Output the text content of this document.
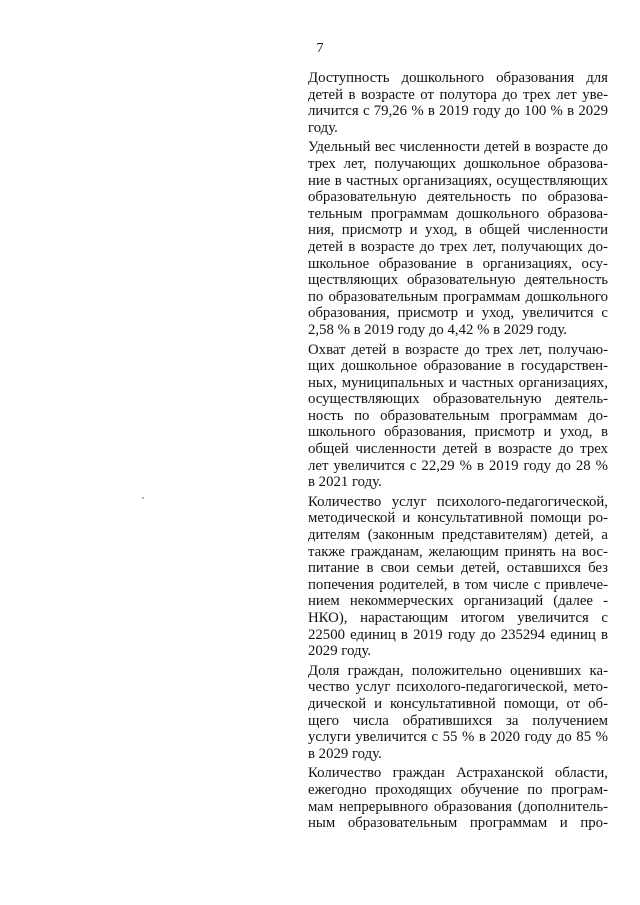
7

Доступность дошкольного образования для
детей в возрасте от полутора до трех лет уве-
личится с 79,26 % в 2019 году до 100 % в 2029
году.

Удельный вес численности детей в возрасте до
трех лет, получающих дошкольное образова-
ние в частных организациях, осуществляющих
образовательную деятельность по образова-
тельным программам дошкольного образова-
ния, присмотр и уход, в общей численности
детей в возрасте до трех лет, получающих до-
школьное образование в организациях, осу-
ществляющих образовательную деятельность
по образовательным программам дошкольного
образования, присмотр и уход, увеличится с
2,58 % в 2019 году до 4,42 % в 2029 году.

Охват детей в возрасте до трех лет, получаю-
щих дошкольное образование в государствен-
ных, муниципальных и частных организациях,
осуществляющих образовательную деятель-
ность по образовательным программам до-
школьного образования, присмотр и уход, в
общей численности детей в возрасте до трех
лет увеличится с 22,29 % в 2019 году до 28 %
в 2021 году.

Количество услуг психолого-педагогической,
методической и консультативной помощи ро-
дителям (законным представителям) детей, а
также гражданам, желающим принять на вос-
питание в свои семьи детей, оставшихся без
попечения родителей, в том числе с привлече-
нием некоммерческих организаций (далее -
НКО), нарастающим итогом увеличится с
22500 единиц в 2019 году до 235294 единиц в
2029 году.

Доля граждан, положительно оценивших ка-
чество услуг психолого-педагогической, мето-
дической и консультативной помощи, от об-
щего числа обратившихся за получением
услуги увеличится с 55 % в 2020 году до 85 %
в 2029 году.

Количество граждан Астраханской области,
ежегодно проходящих обучение по програм-
мам непрерывного образования (дополнитель-
ным образовательным программам и про-
